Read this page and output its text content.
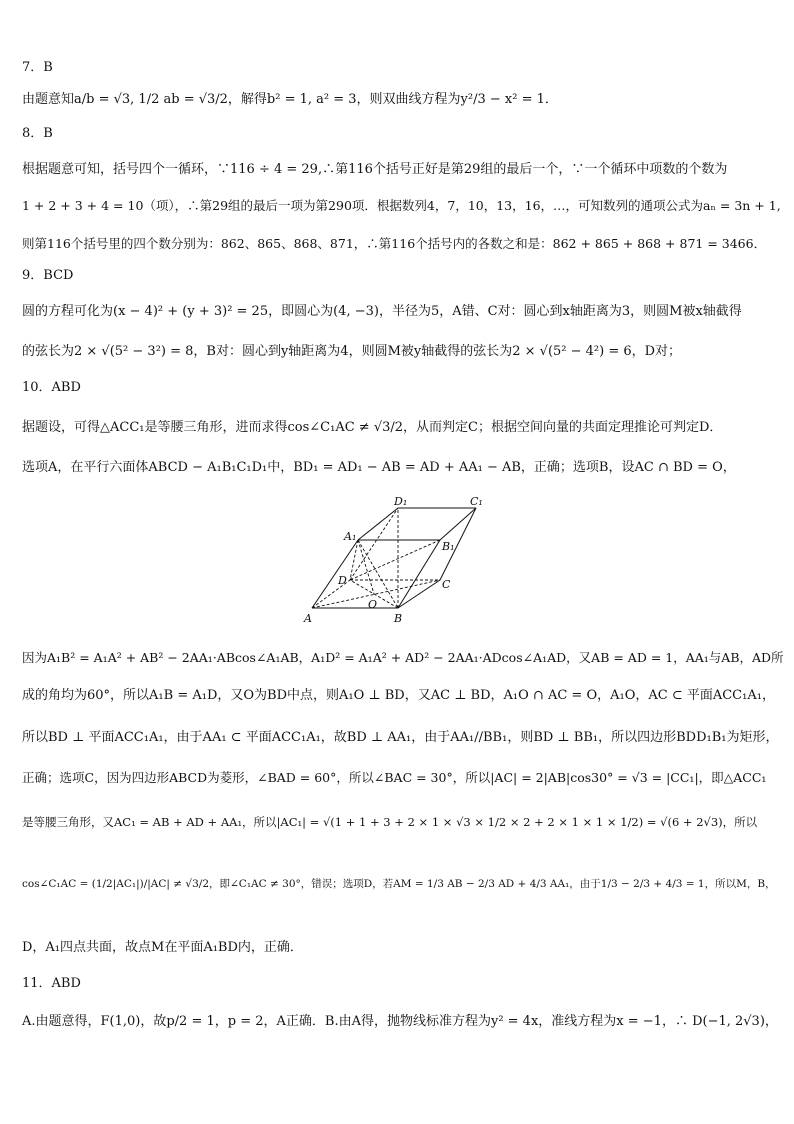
7．B
由题意知a/b = √3, 1/2 ab = √3/2，解得b² = 1, a² = 3，则双曲线方程为y²/3 − x² = 1．
8．B
根据题意可知，括号四个一循环，∵116 ÷ 4 = 29,∴第116个括号正好是第29组的最后一个，∵一个循环中项数的个数为
1 + 2 + 3 + 4 = 10（项），∴第29组的最后一项为第290项．根据数列4，7，10，13，16，…，可知数列的通项公式为aₙ = 3n + 1,
则第116个括号里的四个数分别为：862、865、868、871，∴第116个括号内的各数之和是：862 + 865 + 868 + 871 = 3466．
9．BCD
圆的方程可化为(x − 4)² + (y + 3)² = 25，即圆心为(4, −3)，半径为5，A错、C对：圆心到x轴距离为3，则圆M被x轴截得
的弦长为2 × √(5² − 3²) = 8，B对：圆心到y轴距离为4，则圆M被y轴截得的弦长为2 × √(5² − 4²) = 6，D对；
10．ABD
据题设，可得△ACC₁是等腰三角形，进而求得cos∠C₁AC ≠ √3/2，从而判定C；根据空间向量的共面定理推论可判定D．
选项A，在平行六面体ABCD − A₁B₁C₁D₁中，BD₁ = AD₁ − AB = AD + AA₁ − AB，正确；选项B，设AC ∩ BD = O，
D₁	C₁
A₁
B₁
D	C
O
A	B
因为A₁B² = A₁A² + AB² − 2AA₁·ABcos∠A₁AB，A₁D² = A₁A² + AD² − 2AA₁·ADcos∠A₁AD，又AB = AD = 1，AA₁与AB，AD所
成的角均为60°，所以A₁B = A₁D，又O为BD中点，则A₁O ⊥ BD，又AC ⊥ BD，A₁O ∩ AC = O，A₁O，AC ⊂ 平面ACC₁A₁，
所以BD ⊥ 平面ACC₁A₁，由于AA₁ ⊂ 平面ACC₁A₁，故BD ⊥ AA₁，由于AA₁//BB₁，则BD ⊥ BB₁，所以四边形BDD₁B₁为矩形，
正确；选项C，因为四边形ABCD为菱形，∠BAD = 60°，所以∠BAC = 30°，所以|AC| = 2|AB|cos30° = √3 = |CC₁|，即△ACC₁
是等腰三角形，又AC₁ = AB + AD + AA₁，所以|AC₁| = √(1 + 1 + 3 + 2 × 1 × √3 × 1/2 × 2 + 2 × 1 × 1 × 1/2) = √(6 + 2√3)，所以
cos∠C₁AC = (1/2|AC₁|)/|AC| ≠ √3/2，即∠C₁AC ≠ 30°，错误；选项D，若AM = 1/3 AB − 2/3 AD + 4/3 AA₁，由于1/3 − 2/3 + 4/3 = 1，所以M，B，
D，A₁四点共面，故点M在平面A₁BD内，正确．
11．ABD
A.由题意得，F(1,0)，故p/2 = 1，p = 2，A正确．B.由A得，抛物线标准方程为y² = 4x，准线方程为x = −1，∴ D(−1, 2√3)，
